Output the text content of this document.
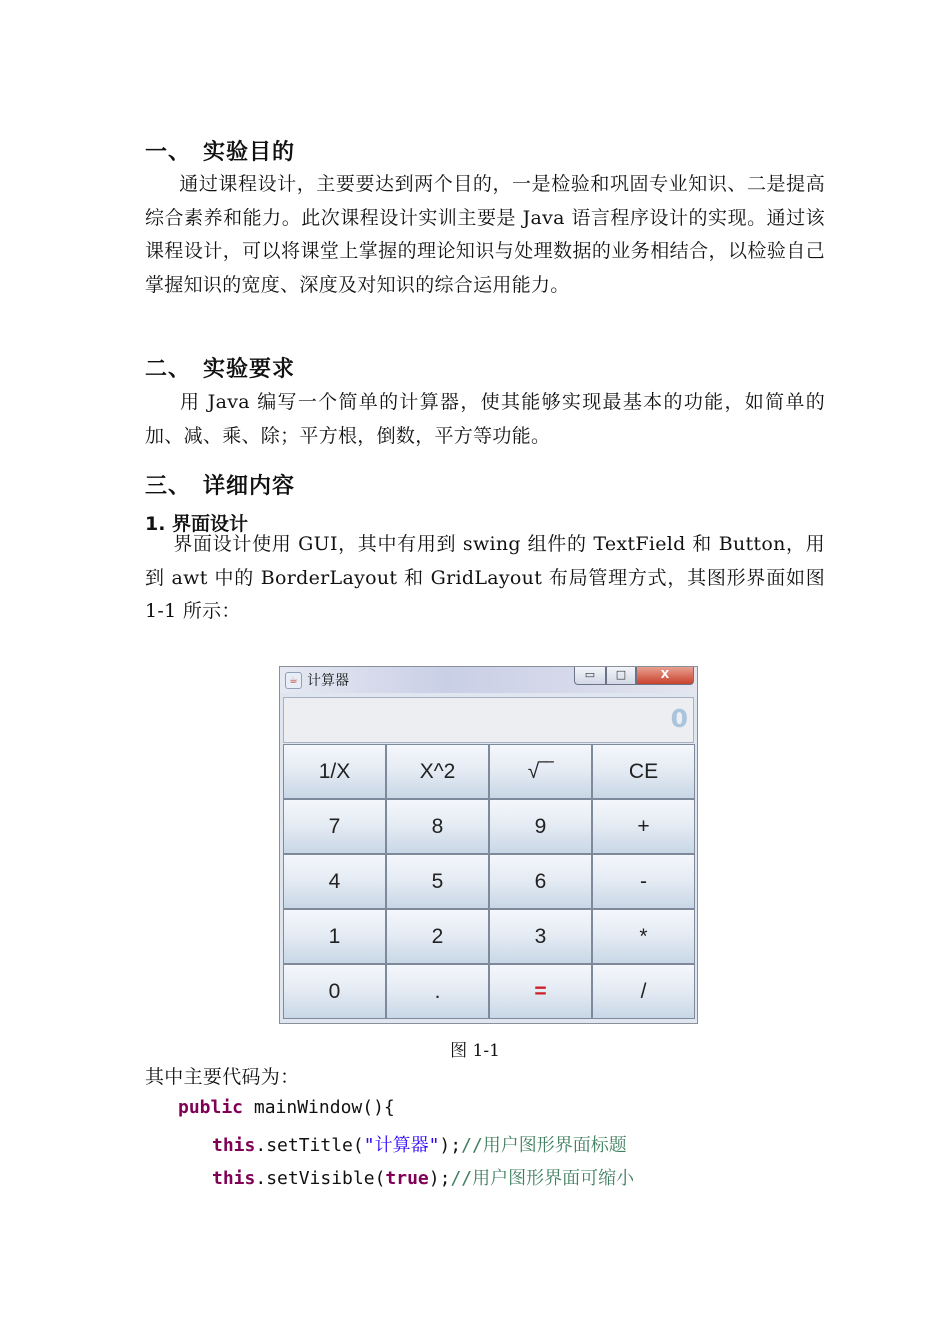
一、 实验目的
通过课程设计，主要要达到两个目的，一是检验和巩固专业知识、二是提高综合素养和能力。此次课程设计实训主要是 Java 语言程序设计的实现。通过该课程设计，可以将课堂上掌握的理论知识与处理数据的业务相结合，以检验自己掌握知识的宽度、深度及对知识的综合运用能力。
二、 实验要求
用 Java 编写一个简单的计算器，使其能够实现最基本的功能，如简单的加、减、乘、除；平方根，倒数，平方等功能。
三、 详细内容
1. 界面设计
界面设计使用 GUI，其中有用到 swing 组件的 TextField 和 Button，用到 awt 中的 BorderLayout 和 GridLayout 布局管理方式，其图形界面如图 1-1 所示：
☕ 计算器	▭	□	X
0
1/X	X^2	√‾‾	CE
7	8	9	+
4	5	6	-
1	2	3	*
0	.	=	/
图 1-1
其中主要代码为：
public mainWindow(){
this.setTitle("计算器");//用户图形界面标题
this.setVisible(true);//用户图形界面可缩小
